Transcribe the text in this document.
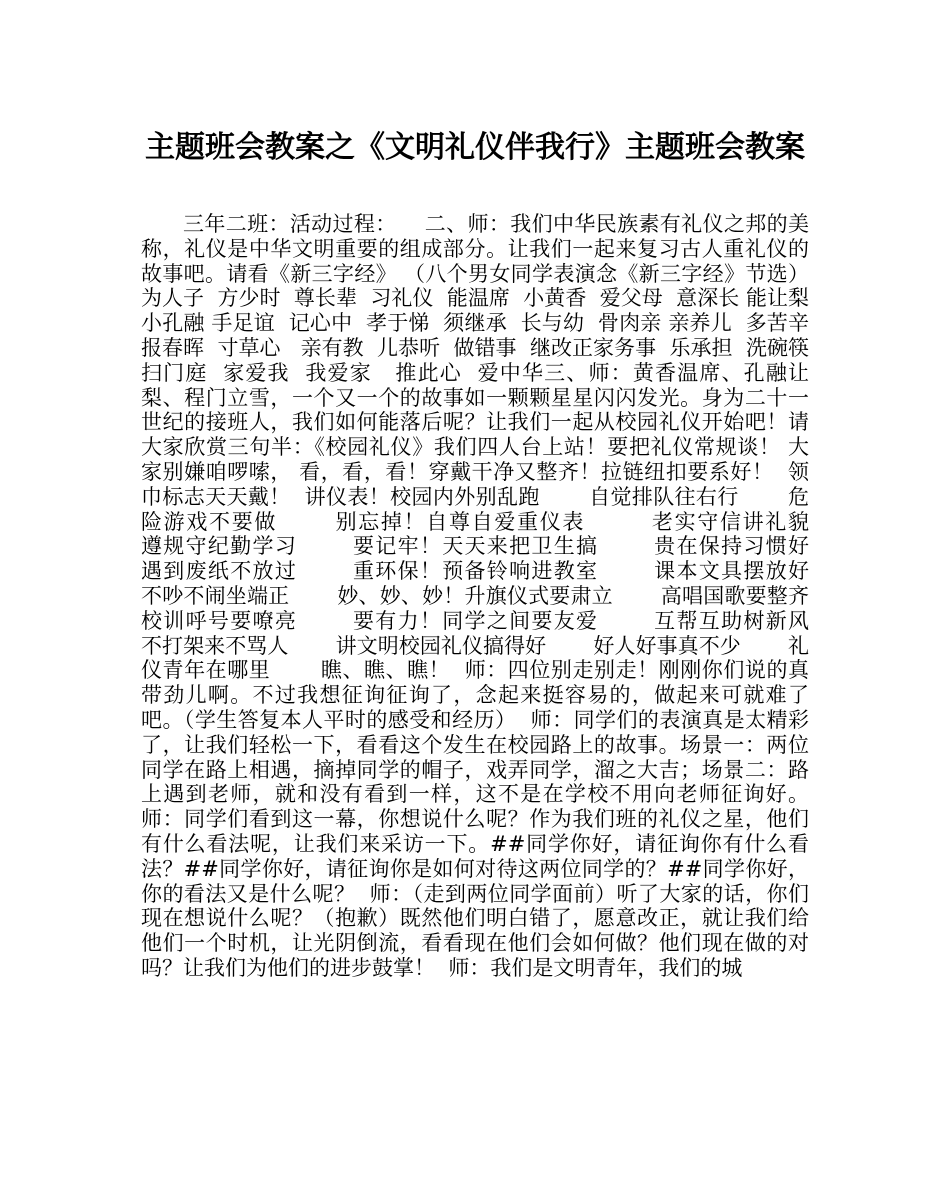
主题班会教案之《文明礼仪伴我行》主题班会教案

三年二班：活动过程：    二、师：我们中华民族素有礼仪之邦的美称，礼仪是中华文明重要的组成部分。让我们一起来复习古人重礼仪的故事吧。请看《新三字经》 （八个男女同学表演念《新三字经》节选）为人子  方少时  尊长辈  习礼仪  能温席  小黄香  爱父母  意深长 能让梨  小孔融 手足谊  记心中  孝于悌  须继承  长与幼  骨肉亲 亲养儿  多苦辛  报春晖  寸草心   亲有教  儿恭听  做错事  继改正家务事  乐承担  洗碗筷  扫门庭  家爱我  我爱家   推此心  爱中华三、师：黄香温席、孔融让梨、程门立雪，一个又一个的故事如一颗颗星星闪闪发光。身为二十一世纪的接班人，我们如何能落后呢？让我们一起从校园礼仪开始吧！请大家欣赏三句半：《校园礼仪》我们四人台上站！要把礼仪常规谈！ 大家别嫌咱啰嗦， 看，看，看！穿戴干净又整齐！拉链纽扣要系好！  领巾标志天天戴！  讲仪表！校园内外别乱跑       自觉排队往右行       危险游戏不要做       别忘掉！自尊自爱重仪表        老实守信讲礼貌       遵规守纪勤学习       要记牢！天天来把卫生搞       贵在保持习惯好       遇到废纸不放过       重环保！预备铃响进教室       课本文具摆放好       不吵不闹坐端正       妙、妙、妙！升旗仪式要肃立       高唱国歌要整齐       校训呼号要嘹亮       要有力！同学之间要友爱       互帮互助树新风       不打架来不骂人       讲文明校园礼仪搞得好       好人好事真不少       礼仪青年在哪里       瞧、瞧、瞧！  师：四位别走别走！刚刚你们说的真带劲儿啊。不过我想征询征询了，念起来挺容易的，做起来可就难了吧。（学生答复本人平时的感受和经历）  师：同学们的表演真是太精彩了，让我们轻松一下，看看这个发生在校园路上的故事。场景一：两位同学在路上相遇，摘掉同学的帽子，戏弄同学，溜之大吉；场景二：路上遇到老师，就和没有看到一样，这不是在学校不用向老师征询好。  师：同学们看到这一幕，你想说什么呢？作为我们班的礼仪之星，他们有什么看法呢，让我们来采访一下。##同学你好，请征询你有什么看法？##同学你好，请征询你是如何对待这两位同学的？##同学你好，你的看法又是什么呢？  师：（走到两位同学面前）听了大家的话，你们现在想说什么呢？（抱歉）既然他们明白错了，愿意改正，就让我们给他们一个时机，让光阴倒流，看看现在他们会如何做？他们现在做的对吗？让我们为他们的进步鼓掌！  师：我们是文明青年，我们的城
